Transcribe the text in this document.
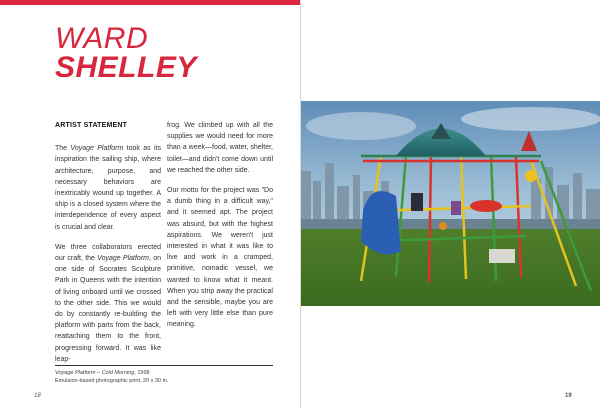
WARD
SHELLEY
ARTIST STATEMENT

The Voyage Platform took as its inspiration the sailing ship, where architecture, purpose, and necessary behaviors are inextricably wound up together. A ship is a closed system where the interdependence of every aspect is crucial and clear.

We three collaborators erected our craft, the Voyage Platform, on one side of Socrates Sculpture Park in Queens with the intention of living onboard until we crossed to the other side. This we would do by constantly re-building the platform with parts from the back, reattaching them to the front, progressing forward. It was like leap-

frog. We climbed up with all the supplies we would need for more than a week—food, water, shelter, toilet—and didn't come down until we reached the other side.

Our motto for the project was "Do a dumb thing in a difficult way," and it seemed apt. The project was absurd, but with the highest aspirations. We weren't just interested in what it was like to live and work in a cramped, primitive, nomadic vessel, we wanted to know what it meant. When you strip away the practical and the sensible, maybe you are left with very little else than pure meaning.

Voyage Platform – Cold Morning, 1998
Emulsion-based photographic print, 20 x 30 in.
18	19
